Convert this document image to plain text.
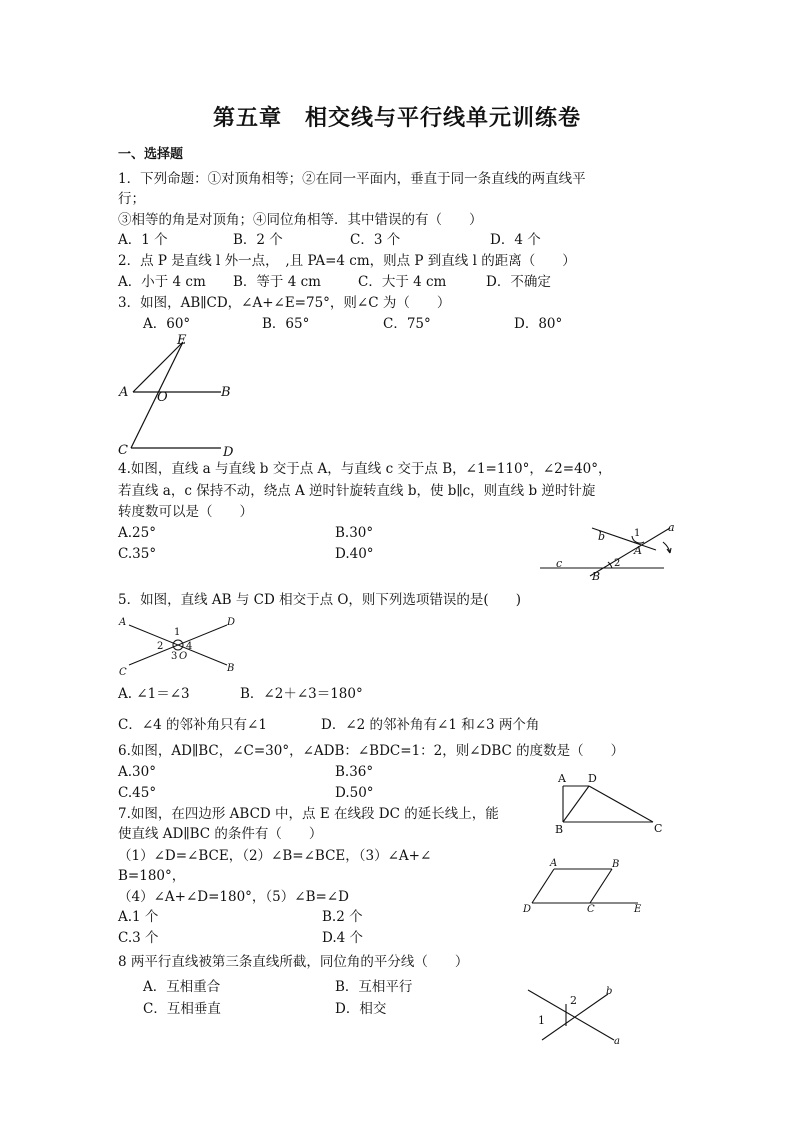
第五章　相交线与平行线单元训练卷
一、选择题
1．下列命题：①对顶角相等；②在同一平面内，垂直于同一条直线的两直线平
行；
③相等的角是对顶角；④同位角相等．其中错误的有（　　）
A．1 个	B．2 个	C．3 个	D．4 个
2．点 P 是直线 l 外一点，　,且 PA=4 cm，则点 P 到直线 l 的距离（　　）
A．小于 4 cm B．等于 4 cm	C．大于 4 cm	D．不确定
3．如图，AB∥CD，∠A+∠E=75°，则∠C 为（　　）
A．60°	B．65°	C．75°	D．80°
E
A O	B
C	D
4.如图，直线 a 与直线 b 交于点 A，与直线 c 交于点 B，∠1=110°，∠2=40°，
若直线 a，c 保持不动，绕点 A 逆时针旋转直线 b，使 b∥c，则直线 b 逆时针旋
转度数可以是（　　）
A.25°	B.30°
C.35°	D.40°
a
b
c
A
B
1
2
5．如图，直线 AB 与 CD 相交于点 O，则下列选项错误的是(　　)
A	D
C	B
O
1
2
3
4
A. ∠1＝∠3	B．∠2＋∠3＝180°
C．∠4 的邻补角只有∠1	D．∠2 的邻补角有∠1 和∠3 两个角
6.如图，AD∥BC，∠C=30°，∠ADB：∠BDC=1：2，则∠DBC 的度数是（　　）
A.30°	B.36°
C.45°	D.50°
A D
B	C
7.如图，在四边形 ABCD 中，点 E 在线段 DC 的延长线上，能
使直线 AD∥BC 的条件有（　　）
（1）∠D=∠BCE，（2）∠B=∠BCE，（3）∠A+∠
B=180°，
（4）∠A+∠D=180°，（5）∠B=∠D
A.1 个	B.2 个
C.3 个	D.4 个
A	B
D	C	E
8 两平行直线被第三条直线所截，同位角的平分线（　　）
A．互相重合	B．互相平行
C．互相垂直	D．相交
b
a
1
2
